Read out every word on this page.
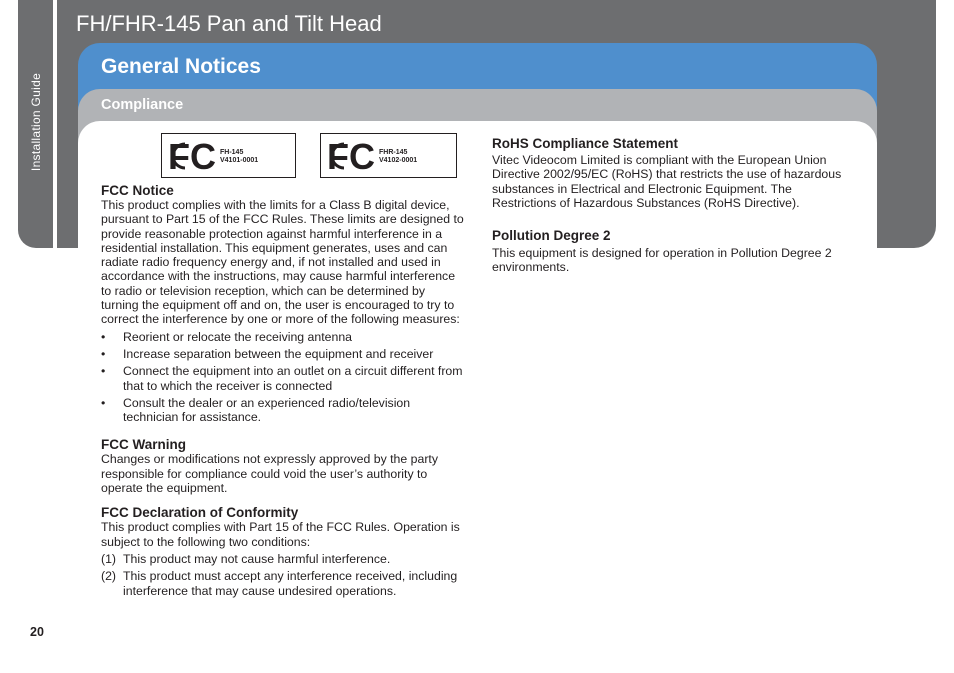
Installation Guide
FH/FHR-145 Pan and Tilt Head
General Notices
Compliance
FC FH-145
V4101-0001 FC FHR-145
V4102-0001
FCC Notice

This product complies with the limits for a Class B digital device, pursuant to Part 15 of the FCC Rules. These limits are designed to provide reasonable protection against harmful interference in a residential installation. This equipment generates, uses and can radiate radio frequency energy and, if not installed and used in accordance with the instructions, may cause harmful interference to radio or television reception, which can be determined by turning the equipment off and on, the user is encouraged to try to correct the interference by one or more of the following measures:

• Reorient or relocate the receiving antenna
• Increase separation between the equipment and receiver
• Connect the equipment into an outlet on a circuit different from that to which the receiver is connected
• Consult the dealer or an experienced radio/television technician for assistance.
FCC Warning

Changes or modifications not expressly approved by the party responsible for compliance could void the user’s authority to operate the equipment.

FCC Declaration of Conformity

This product complies with Part 15 of the FCC Rules. Operation is subject to the following two conditions:

(1) This product may not cause harmful interference.
(2) This product must accept any interference received, including interference that may cause undesired operations.
RoHS Compliance Statement

Vitec Videocom Limited is compliant with the European Union Directive 2002/95/EC (RoHS) that restricts the use of hazardous substances in Electrical and Electronic Equipment. The Restrictions of Hazardous Substances (RoHS Directive).

Pollution Degree 2

This equipment is designed for operation in Pollution Degree 2 environments.

20
